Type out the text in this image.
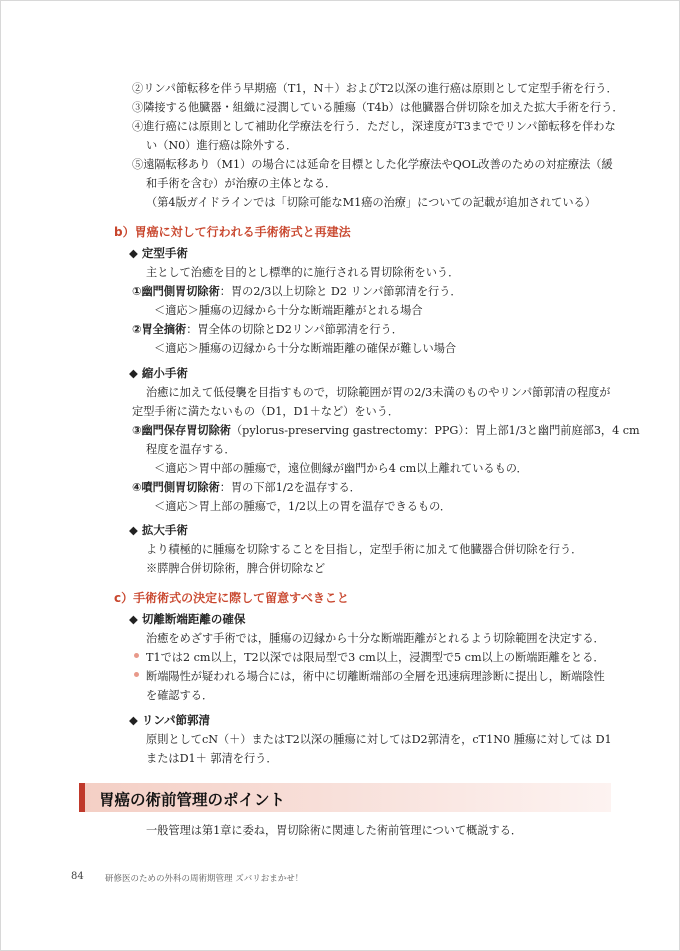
②リンパ節転移を伴う早期癌（T1，N＋）およびT2以深の進行癌は原則として定型手術を行う．
③隣接する他臓器・組織に浸潤している腫瘍（T4b）は他臓器合併切除を加えた拡大手術を行う．
④進行癌には原則として補助化学療法を行う．ただし，深達度がT3まででリンパ節転移を伴わな
い（N0）進行癌は除外する．
⑤遠隔転移あり（M1）の場合には延命を目標とした化学療法やQOL改善のための対症療法（緩
和手術を含む）が治療の主体となる．
（第4版ガイドラインでは「切除可能なM1癌の治療」についての記載が追加されている）
b）胃癌に対して行われる手術術式と再建法
◆ 定型手術
主として治癒を目的とし標準的に施行される胃切除術をいう．
①幽門側胃切除術：胃の2/3以上切除と D2 リンパ節郭清を行う．
＜適応＞腫瘍の辺縁から十分な断端距離がとれる場合
②胃全摘術：胃全体の切除とD2リンパ節郭清を行う．
＜適応＞腫瘍の辺縁から十分な断端距離の確保が難しい場合
◆ 縮小手術
治癒に加えて低侵襲を目指すもので，切除範囲が胃の2/3未満のものやリンパ節郭清の程度が
定型手術に満たないもの（D1，D1＋など）をいう．
③幽門保存胃切除術（pylorus-preserving gastrectomy：PPG）：胃上部1/3と幽門前庭部3，4 cm
程度を温存する．
＜適応＞胃中部の腫瘍で，遠位側縁が幽門から4 cm以上離れているもの．
④噴門側胃切除術：胃の下部1/2を温存する．
＜適応＞胃上部の腫瘍で，1/2以上の胃を温存できるもの．
◆ 拡大手術
より積極的に腫瘍を切除することを目指し，定型手術に加えて他臓器合併切除を行う．
※膵脾合併切除術，脾合併切除など
c）手術術式の決定に際して留意すべきこと
◆ 切離断端距離の確保
治癒をめざす手術では，腫瘍の辺縁から十分な断端距離がとれるよう切除範囲を決定する．
T1では2 cm以上，T2以深では限局型で3 cm以上，浸潤型で5 cm以上の断端距離をとる．
断端陽性が疑われる場合には，術中に切離断端部の全層を迅速病理診断に提出し，断端陰性
を確認する．
◆ リンパ節郭清
原則としてcN（＋）またはT2以深の腫瘍に対してはD2郭清を，cT1N0 腫瘍に対しては D1
またはD1＋ 郭清を行う．
胃癌の術前管理のポイント
一般管理は第1章に委ね，胃切除術に関連した術前管理について概説する．
84	研修医のための外科の周術期管理 ズバリおまかせ！
